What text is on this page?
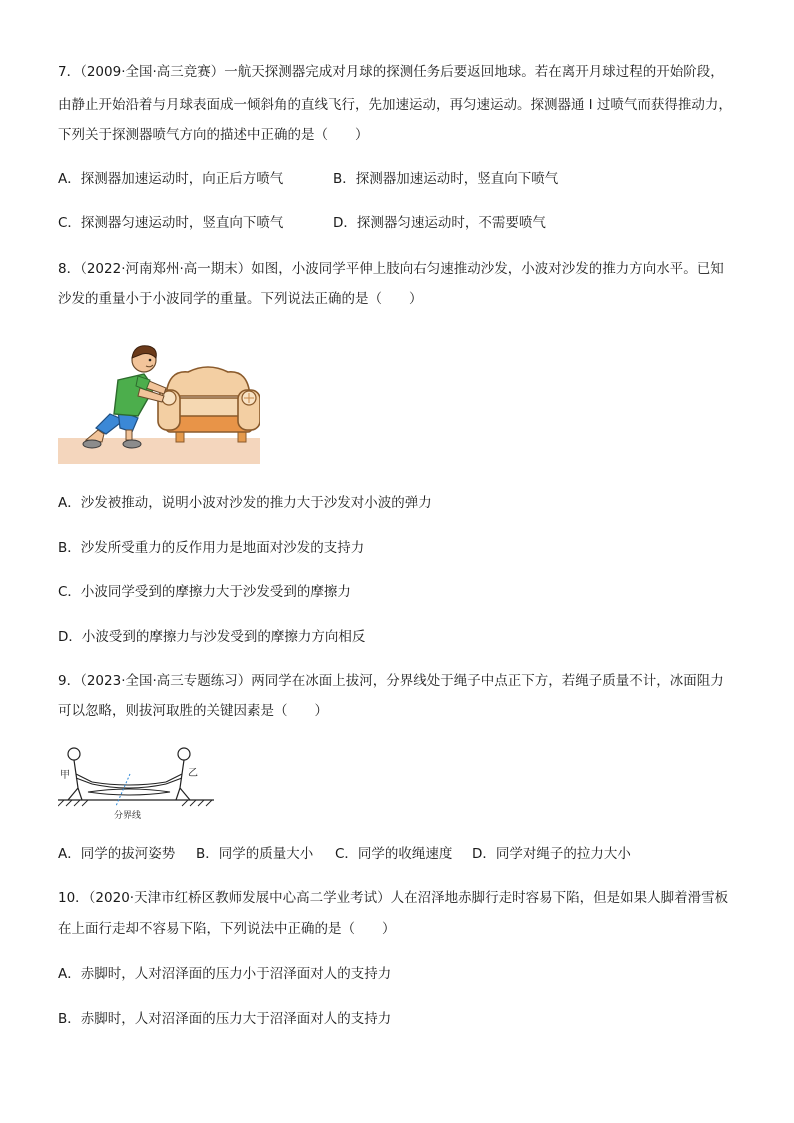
7．（2009·全国·高三竞赛）一航天探测器完成对月球的探测任务后要返回地球。若在离开月球过程的开始阶段，
由静止开始沿着与月球表面成一倾斜角的直线飞行，先加速运动，再匀速运动。探测器通 l 过喷气而获得推动力，
下列关于探测器喷气方向的描述中正确的是（　　）
A．探测器加速运动时，向正后方喷气	B．探测器加速运动时，竖直向下喷气
C．探测器匀速运动时，竖直向下喷气	D．探测器匀速运动时，不需要喷气
8．（2022·河南郑州·高一期末）如图，小波同学平伸上肢向右匀速推动沙发，小波对沙发的推力方向水平。已知
沙发的重量小于小波同学的重量。下列说法正确的是（　　）
A．沙发被推动，说明小波对沙发的推力大于沙发对小波的弹力
B．沙发所受重力的反作用力是地面对沙发的支持力
C．小波同学受到的摩擦力大于沙发受到的摩擦力
D．小波受到的摩擦力与沙发受到的摩擦力方向相反
9．（2023·全国·高三专题练习）两同学在冰面上拔河，分界线处于绳子中点正下方，若绳子质量不计，冰面阻力
可以忽略，则拔河取胜的关键因素是（　　）
甲	乙
分界线
A．同学的拔河姿势 B．同学的质量大小 C．同学的收绳速度 D．同学对绳子的拉力大小
10．（2020·天津市红桥区教师发展中心高二学业考试）人在沼泽地赤脚行走时容易下陷，但是如果人脚着滑雪板
在上面行走却不容易下陷，下列说法中正确的是（　　）
A．赤脚时，人对沼泽面的压力小于沼泽面对人的支持力
B．赤脚时，人对沼泽面的压力大于沼泽面对人的支持力
